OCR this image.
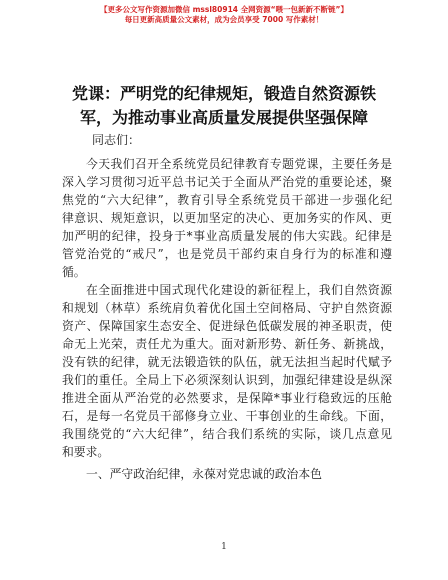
【更多公文写作资源加微信 mssl80914 全网资源“喂一包新新不断链”】
每日更新高质量公文素材，成为会员享受 7000 写作素材！
党课：严明党的纪律规矩，锻造自然资源铁
军，为推动事业高质量发展提供坚强保障
同志们：
今天我们召开全系统党员纪律教育专题党课，主要任务是
深入学习贯彻习近平总书记关于全面从严治党的重要论述，聚
焦党的“六大纪律”，教育引导全系统党员干部进一步强化纪
律意识、规矩意识，以更加坚定的决心、更加务实的作风、更
加严明的纪律，投身于*事业高质量发展的伟大实践。纪律是
管党治党的“戒尺”，也是党员干部约束自身行为的标准和遵
循。
在全面推进中国式现代化建设的新征程上，我们自然资源
和规划（林草）系统肩负着优化国土空间格局、守护自然资源
资产、保障国家生态安全、促进绿色低碳发展的神圣职责，使
命无上光荣，责任尤为重大。面对新形势、新任务、新挑战，
没有铁的纪律，就无法锻造铁的队伍，就无法担当起时代赋予
1
我们的重任。全局上下必须深刻认识到，加强纪律建设是纵深
推进全面从严治党的必然要求，是保障*事业行稳致远的压舱
石，是每一名党员干部修身立业、干事创业的生命线。下面，
我围绕党的“六大纪律”，结合我们系统的实际，谈几点意见
和要求。
一、严守政治纪律，永葆对党忠诚的政治本色
